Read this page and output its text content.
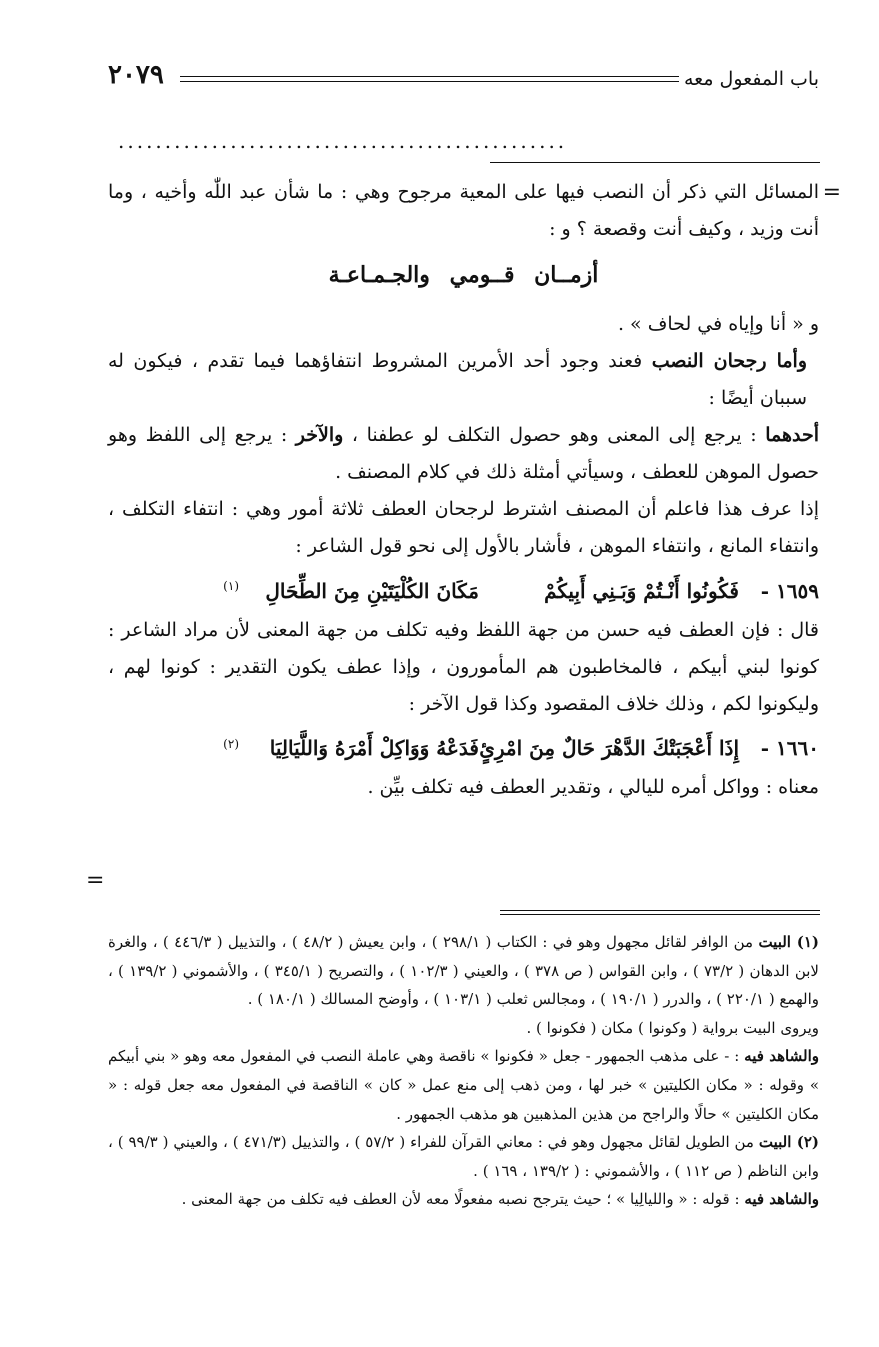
باب المفعول معه
٢٠٧٩
................................................
=

المسائل التي ذكر أن النصب فيها على المعية مرجوح وهي : ما شأن عبد اللّٰه وأخيه ، وما أنت وزيد ، وكيف أنت وقصعة ؟ و :

أزمــان قــومي والجـمـاعـة

و « أنا وإياه في لحاف » .

وأما رجحان النصب فعند وجود أحد الأمرين المشروط انتفاؤهما فيما تقدم ، فيكون له سببان أيضًا :

أحدهما : يرجع إلى المعنى وهو حصول التكلف لو عطفنا ، والآخر : يرجع إلى اللفظ وهو حصول الموهن للعطف ، وسيأتي أمثلة ذلك في كلام المصنف .

إذا عرف هذا فاعلم أن المصنف اشترط لرجحان العطف ثلاثة أمور وهي : انتفاء التكلف ، وانتفاء المانع ، وانتفاء الموهن ، فأشار بالأول إلى نحو قول الشاعر :

١٦٥٩ -فَكُونُوا أَنْـتُمْ وَبَـنِي أَبِيكُمْمَكَانَ الكُلْيَتَيْنِ مِنَ الطِّحَالِ$^{(١)}$

قال : فإن العطف فيه حسن من جهة اللفظ وفيه تكلف من جهة المعنى لأن مراد الشاعر : كونوا لبني أبيكم ، فالمخاطبون هم المأمورون ، وإذا عطف يكون التقدير : كونوا لهم ، وليكونوا لكم ، وذلك خلاف المقصود وكذا قول الآخر :

١٦٦٠ -إِذَا أَعْجَبَتْكَ الدَّهْرَ حَالٌ مِنَ امْرِئٍفَدَعْهُ وَوَاكِلْ أَمْرَهُ وَاللَّيَالِيَا$^{(٢)}$

معناه : وواكل أمره لليالي ، وتقدير العطف فيه تكلف بيِّن .

=

(١) البيت من الوافر لقائل مجهول وهو في : الكتاب ( ٢٩٨/١ ) ، وابن يعيش ( ٤٨/٢ ) ، والتذييل ( ٤٤٦/٣ ) ، والغرة لابن الدهان ( ٧٣/٢ ) ، وابن القواس ( ص ٣٧٨ ) ، والعيني ( ١٠٢/٣ ) ، والتصريح ( ٣٤٥/١ ) ، والأشموني ( ١٣٩/٢ ) ، والهمع ( ٢٢٠/١ ) ، والدرر ( ١٩٠/١ ) ، ومجالس ثعلب ( ١٠٣/١ ) ، وأوضح المسالك ( ١٨٠/١ ) .

ويروى البيت برواية ( وكونوا ) مكان ( فكونوا ) .

والشاهد فيه : - على مذهب الجمهور - جعل « فكونوا » ناقصة وهي عاملة النصب في المفعول معه وهو « بني أبيكم » وقوله : « مكان الكليتين » خبر لها ، ومن ذهب إلى منع عمل « كان » الناقصة في المفعول معه جعل قوله : « مكان الكليتين » حالًا والراجح من هذين المذهبين هو مذهب الجمهور .

(٢) البيت من الطويل لقائل مجهول وهو في : معاني القرآن للفراء ( ٥٧/٢ ) ، والتذييل (٤٧١/٣ ) ، والعيني ( ٩٩/٣ ) ، وابن الناظم ( ص ١١٢ ) ، والأشموني : ( ١٣٩/٢ ، ١٦٩ ) .

والشاهد فيه : قوله : « والليالِيا » ؛ حيث يترجح نصبه مفعولًا معه لأن العطف فيه تكلف من جهة المعنى .
